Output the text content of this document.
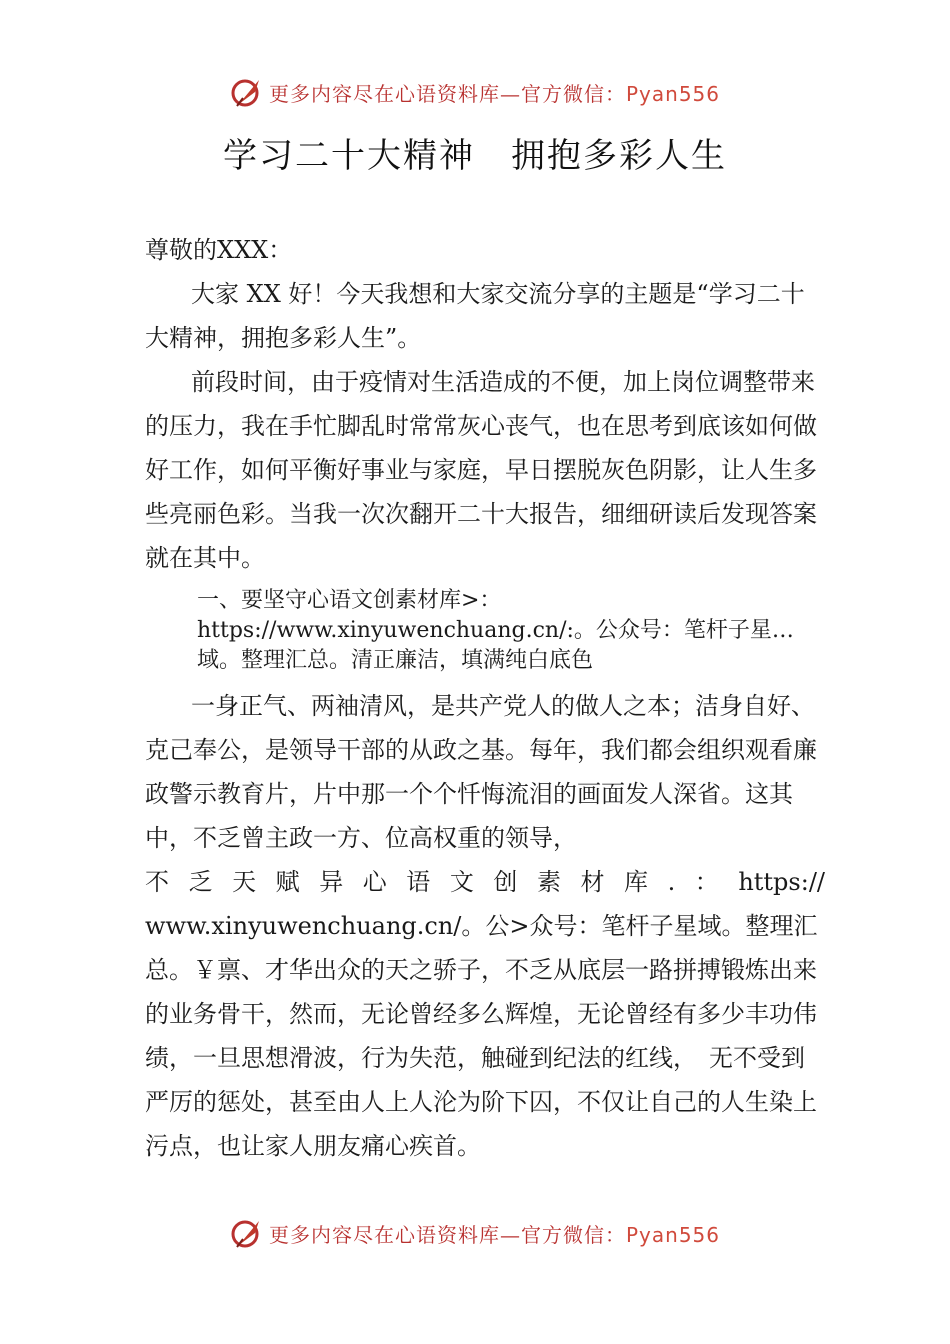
更多内容尽在心语资料库—官方微信：Pyan556
学习二十大精神　拥抱多彩人生

尊敬的XXX：

大家 XX 好！今天我想和大家交流分享的主题是“学习二十大精神，拥抱多彩人生”。

前段时间，由于疫情对生活造成的不便，加上岗位调整带来的压力，我在手忙脚乱时常常灰心丧气，也在思考到底该如何做好工作，如何平衡好事业与家庭，早日摆脱灰色阴影，让人生多些亮丽色彩。当我一次次翻开二十大报告，细细研读后发现答案就在其中。

一、要坚守心语文创素材库>：https://www.xinyuwenchuang.cn/:。公众号：笔杆子星…域。整理汇总。清正廉洁，填满纯白底色

一身正气、两袖清风，是共产党人的做人之本；洁身自好、克己奉公，是领导干部的从政之基。每年，我们都会组织观看廉政警示教育片，片中那一个个忏悔流泪的画面发人深省。这其中，不乏曾主政一方、位高权重的领导，

不乏天赋异心语文创素材库.：https://

www.xinyuwenchuang.cn/。公>众号：笔杆子星域。整理汇总。￥禀、才华出众的天之骄子，不乏从底层一路拼搏锻炼出来的业务骨干，然而，无论曾经多么辉煌，无论曾经有多少丰功伟绩，一旦思想滑波，行为失范，触碰到纪法的红线，　无不受到严厉的惩处，甚至由人上人沦为阶下囚，不仅让自己的人生染上污点，也让家人朋友痛心疾首。

更多内容尽在心语资料库—官方微信：Pyan556
